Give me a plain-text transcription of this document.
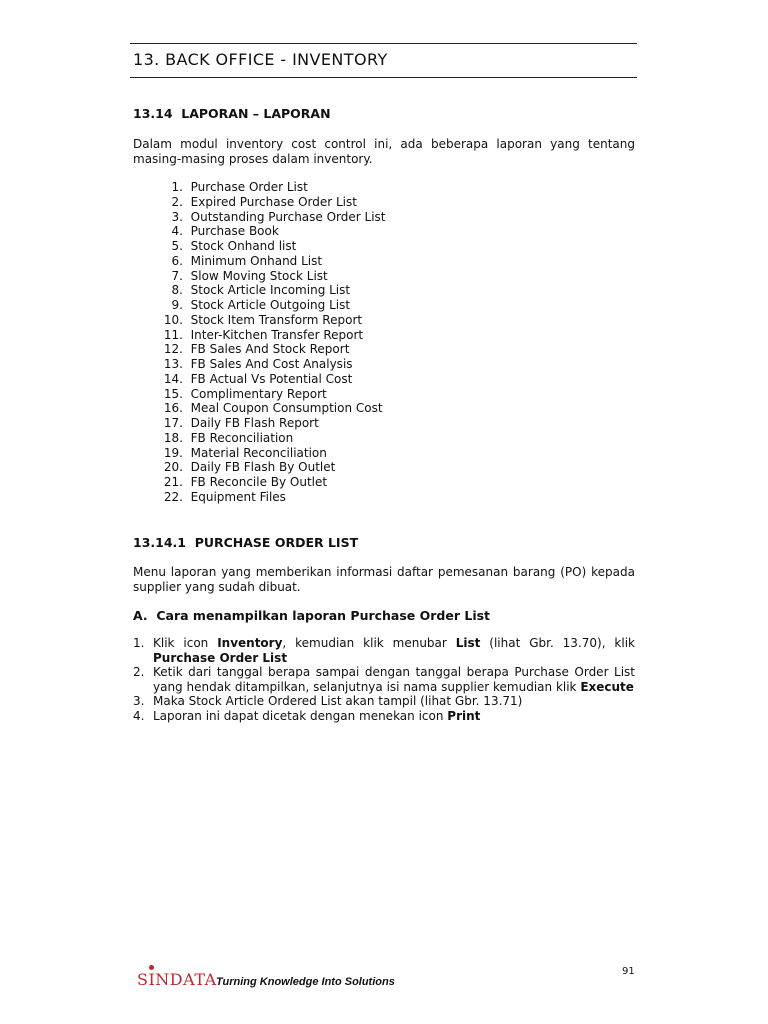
13. BACK OFFICE - INVENTORY
13.14  LAPORAN – LAPORAN
Dalam modul inventory cost control ini, ada beberapa laporan yang tentang masing-masing proses dalam inventory.
1. Purchase Order List
2. Expired Purchase Order List
3. Outstanding Purchase Order List
4. Purchase Book
5. Stock Onhand list
6. Minimum Onhand List
7. Slow Moving Stock List
8. Stock Article Incoming List
9. Stock Article Outgoing List
10. Stock Item Transform Report
11. Inter-Kitchen Transfer Report
12. FB Sales And Stock Report
13. FB Sales And Cost Analysis
14. FB Actual Vs Potential Cost
15. Complimentary Report
16. Meal Coupon Consumption Cost
17. Daily FB Flash Report
18. FB Reconciliation
19. Material Reconciliation
20. Daily FB Flash By Outlet
21. FB Reconcile By Outlet
22. Equipment Files
13.14.1  PURCHASE ORDER LIST
Menu laporan yang memberikan informasi daftar pemesanan barang (PO) kepada supplier yang sudah dibuat.
A.  Cara menampilkan laporan Purchase Order List
1. Klik icon Inventory, kemudian klik menubar List (lihat Gbr. 13.70), klik Purchase Order List
2. Ketik dari tanggal berapa sampai dengan tanggal berapa Purchase Order List yang hendak ditampilkan, selanjutnya isi nama supplier kemudian klik Execute
3. Maka Stock Article Ordered List akan tampil (lihat Gbr. 13.71)
4. Laporan ini dapat dicetak dengan menekan icon Print
SI
NDATA Turning Knowledge Into Solutions
91
